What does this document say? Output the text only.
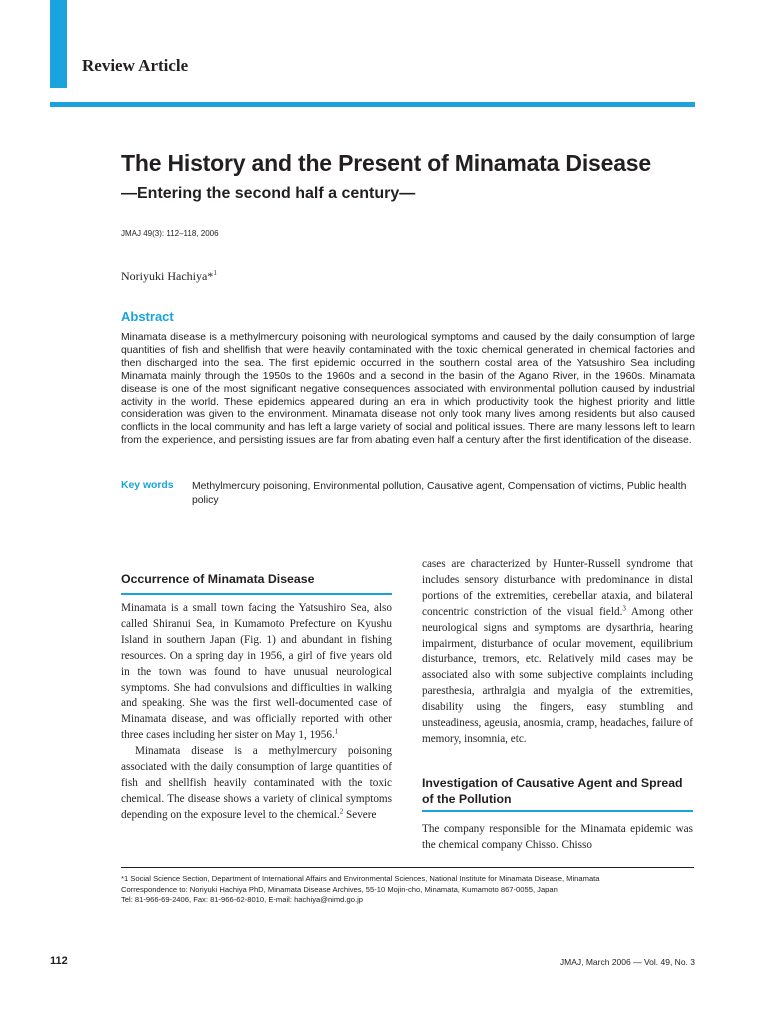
Review Article
The History and the Present of Minamata Disease
—Entering the second half a century—
JMAJ 49(3): 112–118, 2006
Noriyuki Hachiya*$^1$
Abstract

Minamata disease is a methylmercury poisoning with neurological symptoms and caused by the daily consumption of large quantities of fish and shellfish that were heavily contaminated with the toxic chemical generated in chemical factories and then discharged into the sea. The first epidemic occurred in the southern costal area of the Yatsushiro Sea including Minamata mainly through the 1950s to the 1960s and a second in the basin of the Agano River, in the 1960s. Minamata disease is one of the most significant negative consequences associated with environmental pollution caused by industrial activity in the world. These epidemics appeared during an era in which productivity took the highest priority and little consideration was given to the environment. Minamata disease not only took many lives among residents but also caused conflicts in the local community and has left a large variety of social and political issues. There are many lessons left to learn from the experience, and persisting issues are far from abating even half a century after the first identification of the disease.

Key words Methylmercury poisoning, Environmental pollution, Causative agent, Compensation of victims, Public health policy
Occurrence of Minamata Disease

Minamata is a small town facing the Yatsushiro Sea, also called Shiranui Sea, in Kumamoto Prefecture on Kyushu Island in southern Japan (Fig. 1) and abundant in fishing resources. On a spring day in 1956, a girl of five years old in the town was found to have unusual neurological symptoms. She had convulsions and difficulties in walking and speaking. She was the first well-documented case of Minamata disease, and was officially reported with other three cases including her sister on May 1, 1956.$^1$

Minamata disease is a methylmercury poisoning associated with the daily consumption of large quantities of fish and shellfish heavily contaminated with the toxic chemical. The disease shows a variety of clinical symptoms depending on the exposure level to the chemical.$^2$ Severe

cases are characterized by Hunter-Russell syndrome that includes sensory disturbance with predominance in distal portions of the extremities, cerebellar ataxia, and bilateral concentric constriction of the visual field.$^3$ Among other neurological signs and symptoms are dysarthria, hearing impairment, disturbance of ocular movement, equilibrium disturbance, tremors, etc. Relatively mild cases may be associated also with some subjective complaints including paresthesia, arthralgia and myalgia of the extremities, disability using the fingers, easy stumbling and unsteadiness, ageusia, anosmia, cramp, headaches, failure of memory, insomnia, etc.

Investigation of Causative Agent and Spread of the Pollution

The company responsible for the Minamata epidemic was the chemical company Chisso. Chisso

*1 Social Science Section, Department of International Affairs and Environmental Sciences, National Institute for Minamata Disease, Minamata
Correspondence to: Noriyuki Hachiya PhD, Minamata Disease Archives, 55-10 Mojin-cho, Minamata, Kumamoto 867-0055, Japan
Tel: 81-966-69-2406, Fax: 81-966-62-8010, E-mail: hachiya@nimd.go.jp
112	JMAJ, March 2006 — Vol. 49, No. 3
